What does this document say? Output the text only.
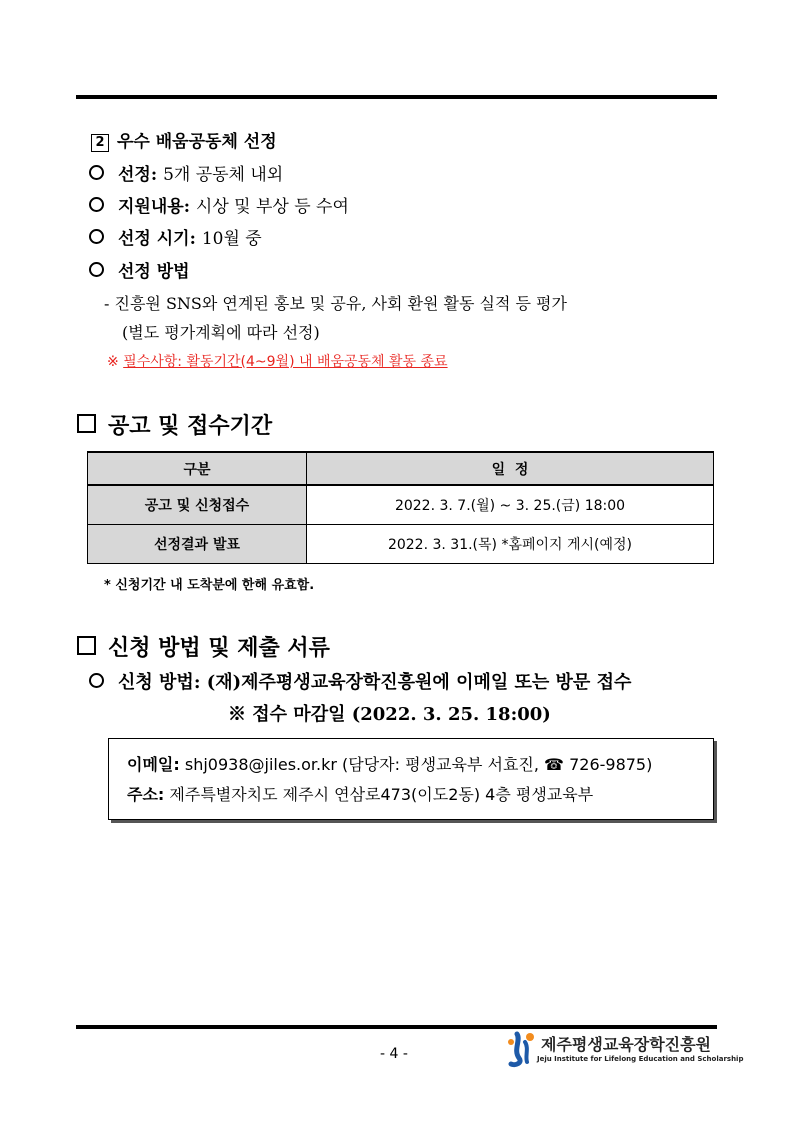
2 우수 배움공동체 선정
선정: 5개 공동체 내외
지원내용: 시상 및 부상 등 수여
선정 시기: 10월 중
선정 방법
- 진흥원 SNS와 연계된 홍보 및 공유, 사회 환원 활동 실적 등 평가
(별도 평가계획에 따라 선정)
※ 필수사항: 활동기간(4~9월) 내 배움공동체 활동 종료
공고 및 접수기간
구분	일  정
공고 및 신청접수	2022. 3. 7.(월) ~ 3. 25.(금) 18:00
선정결과 발표	2022. 3. 31.(목) *홈페이지 게시(예정)
* 신청기간 내 도착분에 한해 유효함.
신청 방법 및 제출 서류
신청 방법: (재)제주평생교육장학진흥원에 이메일 또는 방문 접수
※ 접수 마감일 (2022. 3. 25. 18:00)
이메일: shj0938@jiles.or.kr (담당자: 평생교육부 서효진, ☎ 726-9875)
주소: 제주특별자치도 제주시 연삼로473(이도2동) 4층 평생교육부
- 4 -	제주평생교육장학진흥원
Jeju Institute for Lifelong Education and Scholarship
